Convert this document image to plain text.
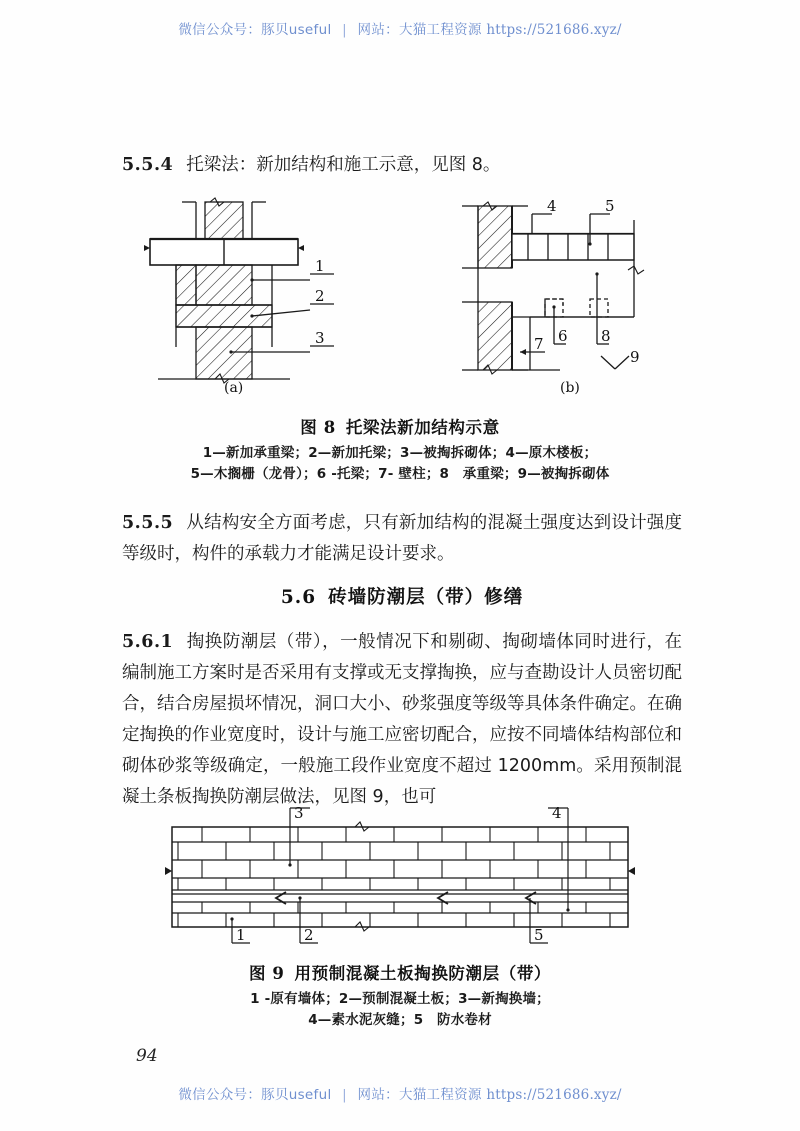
微信公众号：豚贝useful | 网站：大猫工程资源 https://521686.xyz/

5.5.4 托梁法：新加结构和施工示意，见图 8。

1
2
3
4	5
6
7	8
9
(a)	(b)
图 8 托梁法新加结构示意
1—新加承重梁；2—新加托梁；3—被掏拆砌体；4—原木楼板；
5—木搁栅（龙骨）；6 -托梁；7- 壁柱；8　承重梁；9—被掏拆砌体

5.5.5 从结构安全方面考虑，只有新加结构的混凝土强度达到设计强度等级时，构件的承载力才能满足设计要求。

5.6 砖墙防潮层（带）修缮

5.6.1 掏换防潮层（带），一般情况下和剔砌、掏砌墙体同时进行，在编制施工方案时是否采用有支撑或无支撑掏换，应与查勘设计人员密切配合，结合房屋损坏情况，洞口大小、砂浆强度等级等具体条件确定。在确定掏换的作业宽度时，设计与施工应密切配合，应按不同墙体结构部位和砌体砂浆等级确定，一般施工段作业宽度不超过 1200mm。采用预制混凝土条板掏换防潮层做法，见图 9，也可

3	4
1	2	5
图 9 用预制混凝土板掏换防潮层（带）
1 -原有墙体；2—预制混凝土板；3—新掏换墙；
4—素水泥灰缝；5　防水卷材
94
微信公众号：豚贝useful | 网站：大猫工程资源 https://521686.xyz/
